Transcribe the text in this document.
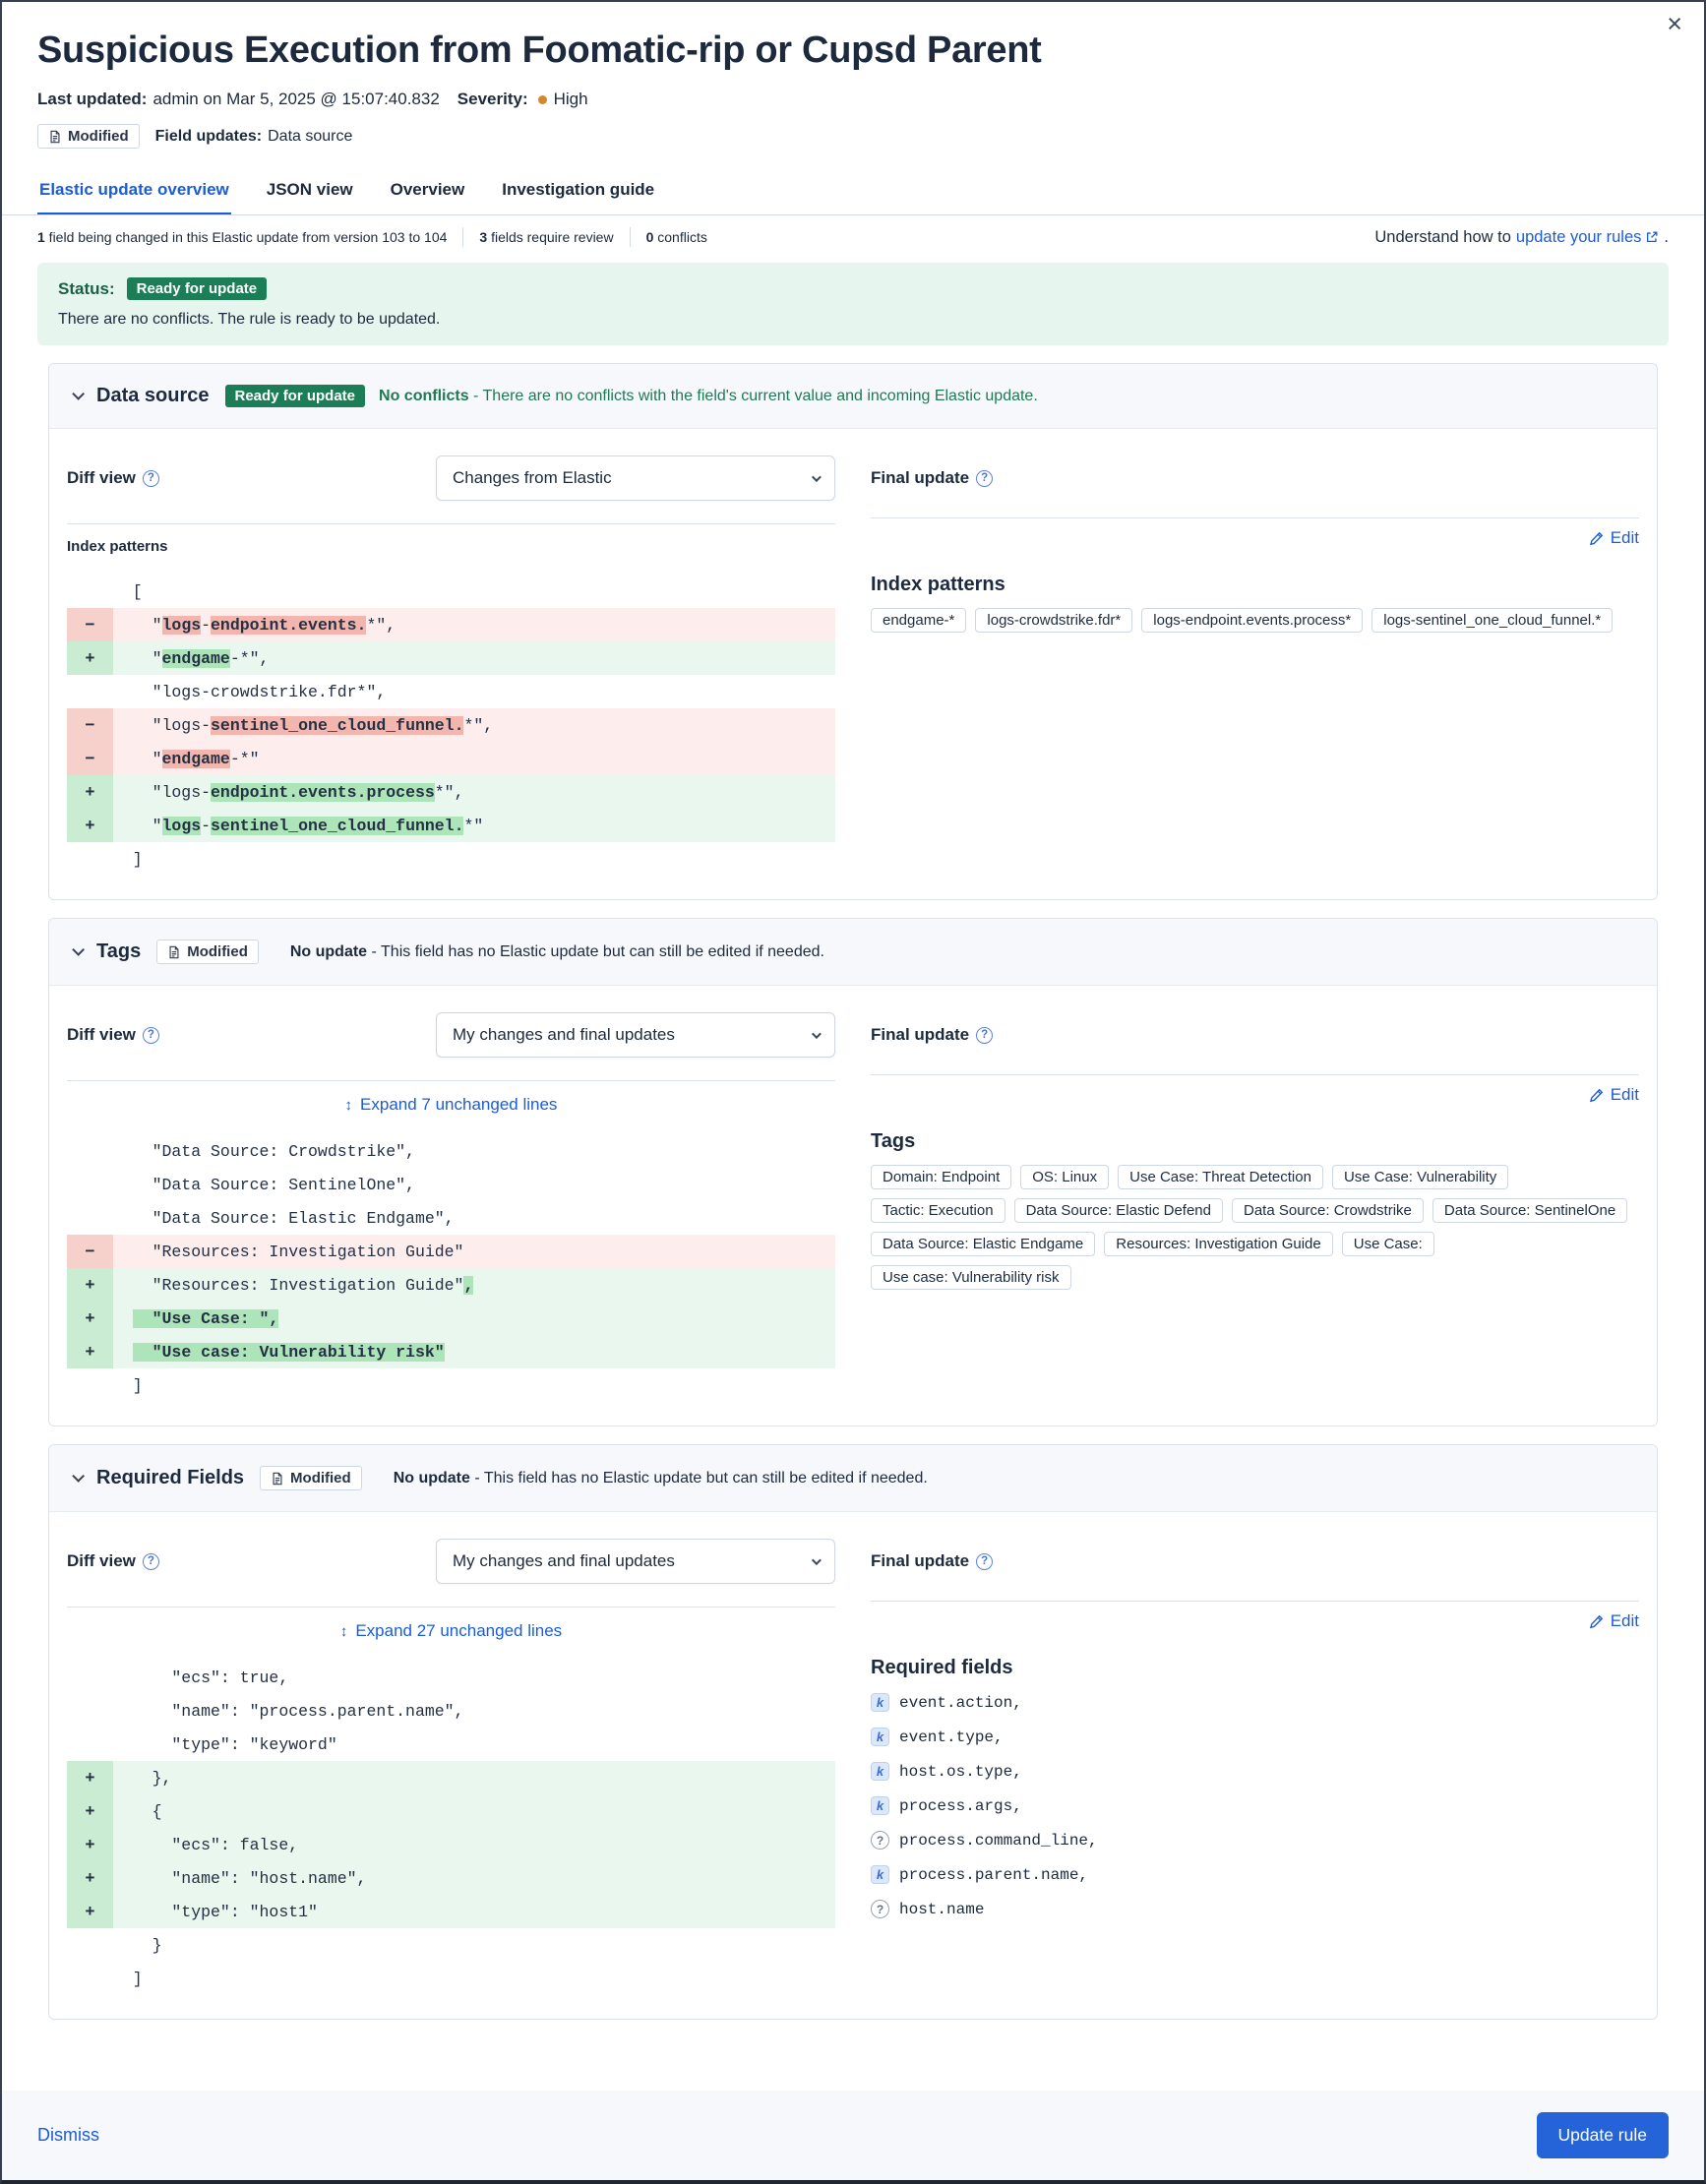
×
Suspicious Execution from Foomatic-rip or Cupsd Parent
Last updated: admin on Mar 5, 2025 @ 15:07:40.832 Severity: High
Modified Field updates: Data source
Elastic update overview JSON view Overview Investigation guide
1 field being changed in this Elastic update from version 103 to 104 3 fields require review 0 conflicts	Understand how to update your rules .
Status:	Ready for update
There are no conflicts. The rule is ready to be updated.
Data source	Ready for update	No conflicts - There are no conflicts with the field's current value and incoming Elastic update.
Diff view	?	Changes from Elastic
Index patterns
[
−	" logs - endpoint.events. *",
+	" endgame -*",
"logs-crowdstrike.fdr*",
−	"logs- sentinel_one_cloud_funnel. *",
−	" endgame -*"
+	"logs- endpoint. events.process *",
+	" logs - sentinel_one_cloud_funnel. *"
]
Final update	?
Edit
Index patterns
endgame-*	logs-crowdstrike.fdr*	logs-endpoint.events.process*	logs-sentinel_one_cloud_funnel.*
Tags	Modified	No update - This field has no Elastic update but can still be edited if needed.
Diff view	?	My changes and final updates
↕ Expand 7 unchanged lines
"Data Source: Crowdstrike",
"Data Source: SentinelOne",
"Data Source: Elastic Endgame",
−	"Resources: Investigation Guide"
+	"Resources: Investigation Guide" ,
+
	"Use Case: ",
+
	"Use case: Vulnerability risk"
]
Final update	?
Edit
Tags
Domain: Endpoint	OS: Linux	Use Case: Threat Detection	Use Case: Vulnerability
Tactic: Execution	Data Source: Elastic Defend	Data Source: Crowdstrike	Data Source: SentinelOne
Data Source: Elastic Endgame	Resources: Investigation Guide	Use Case:
Use case: Vulnerability risk
Required Fields	Modified	No update - This field has no Elastic update but can still be edited if needed.
Diff view	?	My changes and final updates
↕ Expand 27 unchanged lines
"ecs": true,
"name": "process.parent.name",
"type": "keyword"
+	},
+	{
+	"ecs": false,
+	"name": "host.name",
+	"type": "host1"
}
]
Final update	?
Edit
Required fields
k event.action,
k event.type,
k host.os.type,
k process.args,
? process.command_line,
k process.parent.name,
? host.name
Dismiss	Update rule
